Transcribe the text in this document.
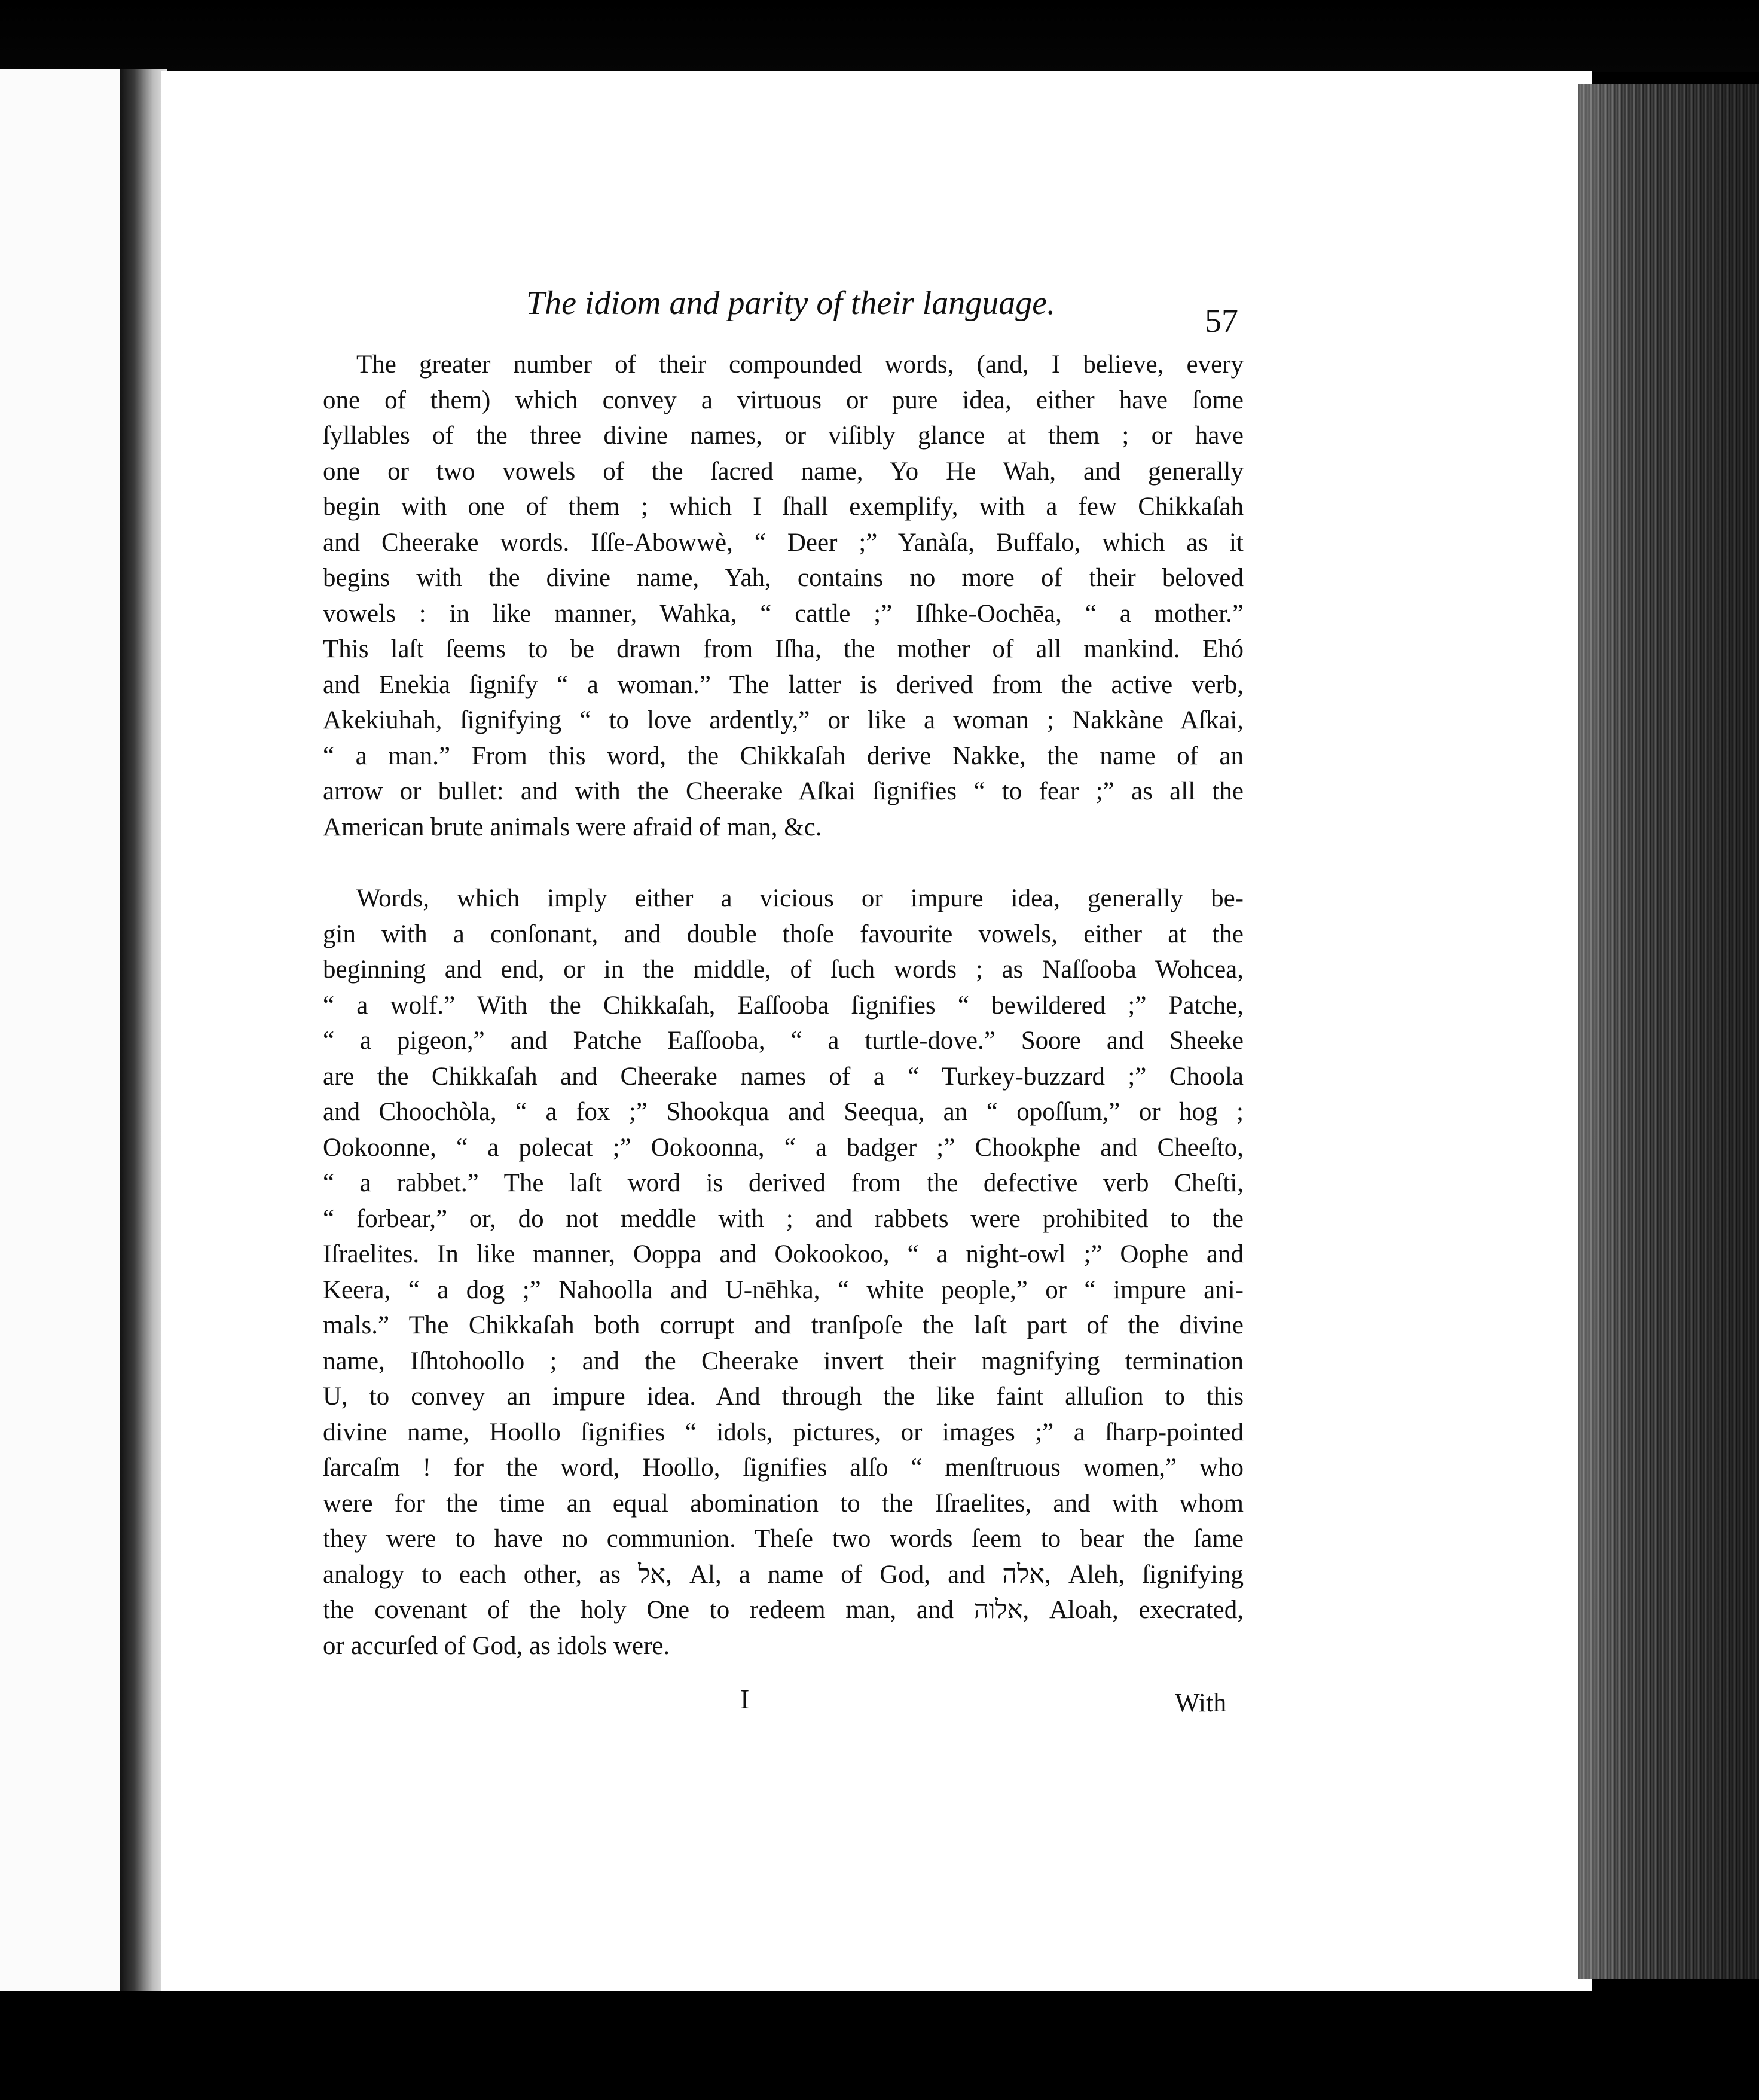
The idiom and parity of their language.	57
The greater number of their compounded words, (and, I believe, every
one of them) which convey a virtuous or pure idea, either have ſome
ſyllables of the three divine names, or viſibly glance at them ; or have
one or two vowels of the ſacred name, Yo He Wah, and generally
begin with one of them ; which I ſhall exemplify, with a few Chikkaſah
and Cheerake words. Iſſe-Abowwè, “ Deer ;” Yanàſa, Buffalo, which as it
begins with the divine name, Yah, contains no more of their beloved
vowels : in like manner, Wahka, “ cattle ;” Iſhke-Oochēa, “ a mother.”
This laſt ſeems to be drawn from Iſha, the mother of all mankind. Ehó
and Enekia ſignify “ a woman.” The latter is derived from the active verb,
Akekiuhah, ſignifying “ to love ardently,” or like a woman ; Nakkàne Aſkai,
“ a man.” From this word, the Chikkaſah derive Nakke, the name of an
arrow or bullet: and with the Cheerake Aſkai ſignifies “ to fear ;” as all the
American brute animals were afraid of man, &c.
Words, which imply either a vicious or impure idea, generally be-
gin with a conſonant, and double thoſe favourite vowels, either at the
beginning and end, or in the middle, of ſuch words ; as Naſſooba Wohcea,
“ a wolf.” With the Chikkaſah, Eaſſooba ſignifies “ bewildered ;” Patche,
“ a pigeon,” and Patche Eaſſooba, “ a turtle-dove.” Soore and Sheeke
are the Chikkaſah and Cheerake names of a “ Turkey-buzzard ;” Choola
and Choochòla, “ a fox ;” Shookqua and Seequa, an “ opoſſum,” or hog ;
Ookoonne, “ a polecat ;” Ookoonna, “ a badger ;” Chookphe and Cheeſto,
“ a rabbet.” The laſt word is derived from the defective verb Cheſti,
“ forbear,” or, do not meddle with ; and rabbets were prohibited to the
Iſraelites. In like manner, Ooppa and Ookookoo, “ a night-owl ;” Oophe and
Keera, “ a dog ;” Nahoolla and U-nēhka, “ white people,” or “ impure ani-
mals.” The Chikkaſah both corrupt and tranſpoſe the laſt part of the divine
name, Iſhtohoollo ; and the Cheerake invert their magnifying termination
U, to convey an impure idea. And through the like faint alluſion to this
divine name, Hoollo ſignifies “ idols, pictures, or images ;” a ſharp-pointed
ſarcaſm ! for the word, Hoollo, ſignifies alſo “ menſtruous women,” who
were for the time an equal abomination to the Iſraelites, and with whom
they were to have no communion. Theſe two words ſeem to bear the ſame
analogy to each other, as אל, Al, a name of God, and אלה, Aleh, ſignifying
the covenant of the holy One to redeem man, and אלוה, Aloah, execrated,
or accurſed of God, as idols were.
I	With
